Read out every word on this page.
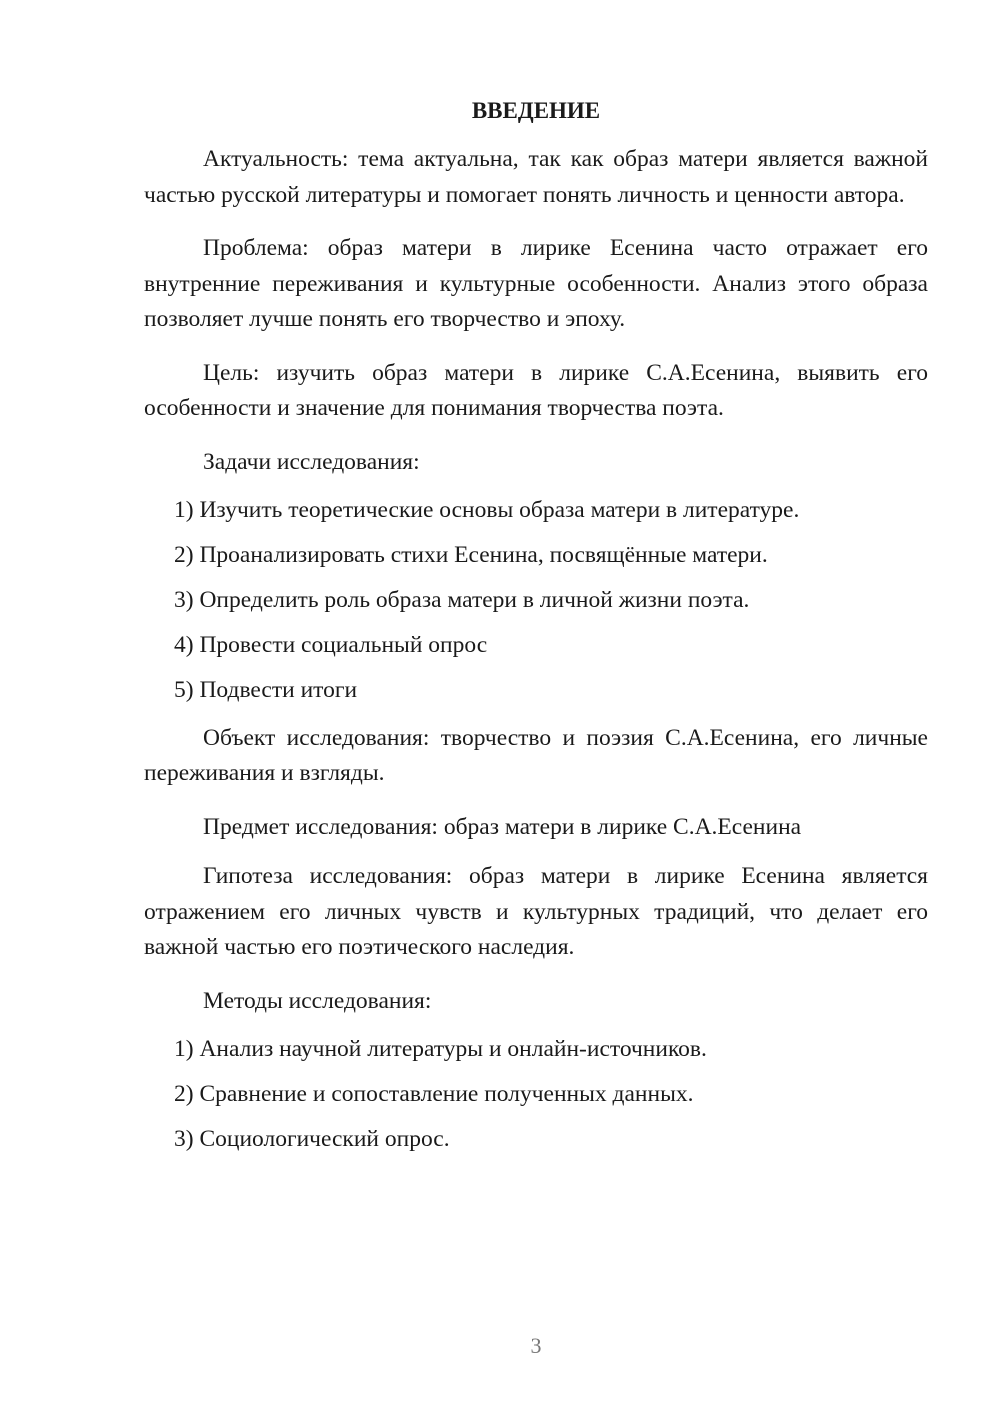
ВВЕДЕНИЕ

Актуальность: тема актуальна, так как образ матери является важной частью русской литературы и помогает понять личность и ценности автора.

Проблема: образ матери в лирике Есенина часто отражает его внутренние переживания и культурные особенности. Анализ этого образа позволяет лучше понять его творчество и эпоху.

Цель: изучить образ матери в лирике С.А.Есенина, выявить его особенности и значение для понимания творчества поэта.

Задачи исследования:

1) Изучить теоретические основы образа матери в литературе.
2) Проанализировать стихи Есенина, посвящённые матери.
3) Определить роль образа матери в личной жизни поэта.
4) Провести социальный опрос
5) Подвести итоги

Объект исследования: творчество и поэзия С.А.Есенина, его личные переживания и взгляды.

Предмет исследования: образ матери в лирике С.А.Есенина

Гипотеза исследования: образ матери в лирике Есенина является отражением его личных чувств и культурных традиций, что делает его важной частью его поэтического наследия.

Методы исследования:

1) Анализ научной литературы и онлайн-источников.
2) Сравнение и сопоставление полученных данных.
3) Социологический опрос.
3
